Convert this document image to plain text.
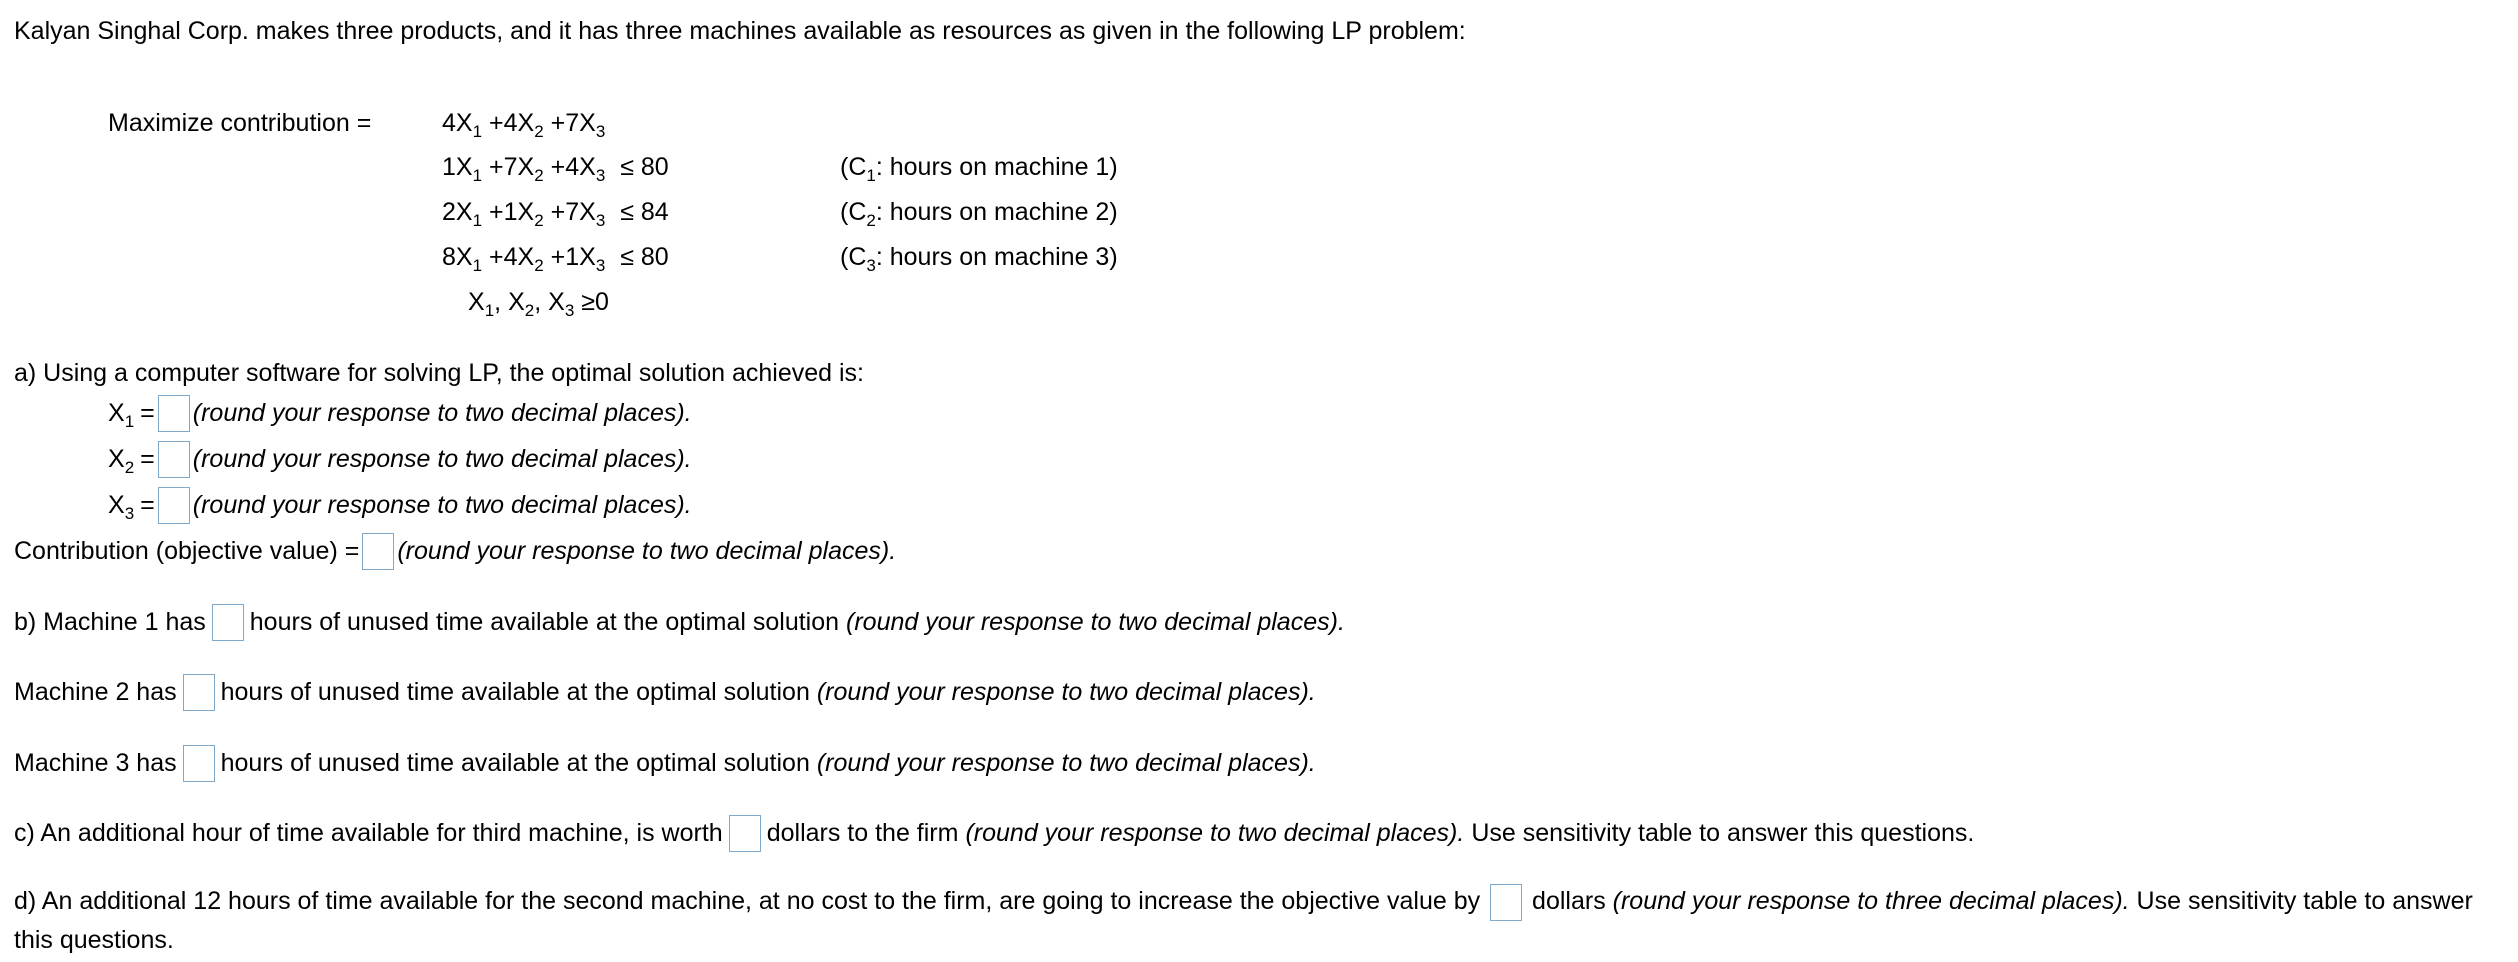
Kalyan Singhal Corp. makes three products, and it has three machines available as resources as given in the following LP problem:
Maximize contribution =	$4X_1 +4X_2 +7X_3$
$1X_1 +7X_2 +4X_3 \le 80$	($C_1$: hours on machine 1)
$2X_1 +1X_2 +7X_3 \le 84$	($C_2$: hours on machine 2)
$8X_1 +4X_2 +1X_3 \le 80$	($C_3$: hours on machine 3)
$X_1$, $X_2$, $X_3 \ge 0$
a) Using a computer software for solving LP, the optimal solution achieved is:
$X_1$ = (round your response to two decimal places).
$X_2$ = (round your response to two decimal places).
$X_3$ = (round your response to two decimal places).
Contribution (objective value) = (round your response to two decimal places).
b) Machine 1 has hours of unused time available at the optimal solution (round your response to two decimal places).
Machine 2 has hours of unused time available at the optimal solution (round your response to two decimal places).
Machine 3 has hours of unused time available at the optimal solution (round your response to two decimal places).
c) An additional hour of time available for third machine, is worth dollars to the firm (round your response to two decimal places). Use sensitivity table to answer this questions.
d) An additional 12 hours of time available for the second machine, at no cost to the firm, are going to increase the objective value by dollars (round your response to three decimal places). Use sensitivity table to answer this questions.
